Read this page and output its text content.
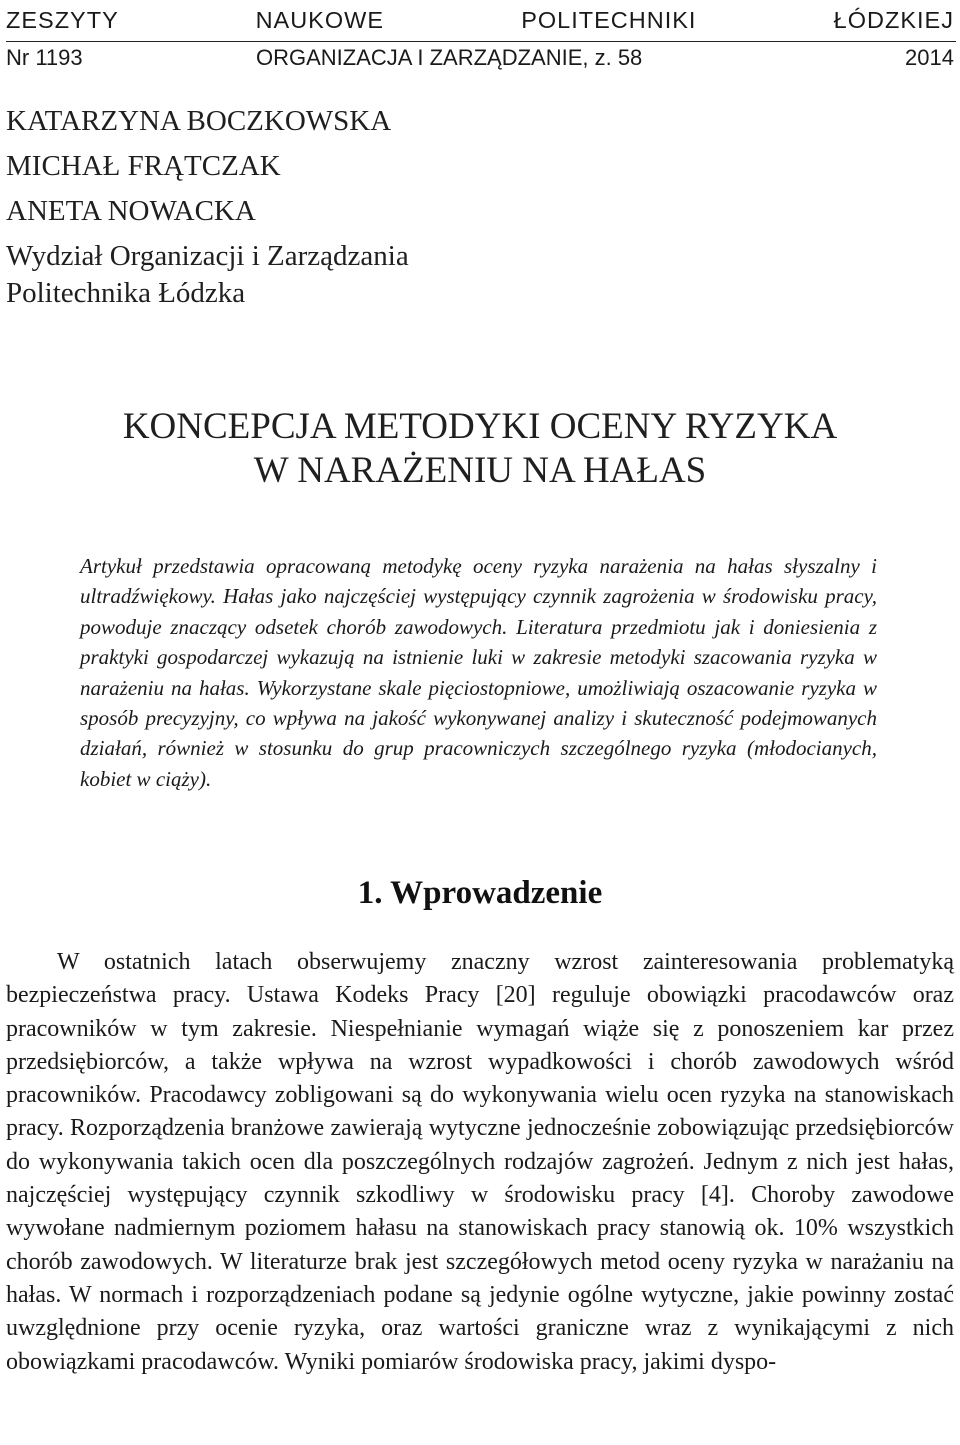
ZESZYTY NAUKOWE POLITECHNIKI ŁÓDZKIEJ
Nr 1193	ORGANIZACJA I ZARZĄDZANIE, z. 58	2014
KATARZYNA BOCZKOWSKA
MICHAŁ FRĄTCZAK
ANETA NOWACKA
Wydział Organizacji i Zarządzania
Politechnika Łódzka
KONCEPCJA METODYKI OCENY RYZYKA
W NARAŻENIU NA HAŁAS
Artykuł przedstawia opracowaną metodykę oceny ryzyka narażenia na hałas słyszalny i ultradźwiękowy. Hałas jako najczęściej występujący czynnik zagrożenia w środowisku pracy, powoduje znaczący odsetek chorób zawodowych. Literatura przedmiotu jak i doniesienia z praktyki gospodarczej wykazują na istnienie luki w zakresie metodyki szacowania ryzyka w narażeniu na hałas. Wykorzystane skale pięciostopniowe, umożliwiają oszacowanie ryzyka w sposób precyzyjny, co wpływa na jakość wykonywanej analizy i skuteczność podejmowanych działań, również w stosunku do grup pracowniczych szczególnego ryzyka (młodocianych, kobiet w ciąży).
1. Wprowadzenie
W ostatnich latach obserwujemy znaczny wzrost zainteresowania problematyką bezpieczeństwa pracy. Ustawa Kodeks Pracy [20] reguluje obowiązki pracodawców oraz pracowników w tym zakresie. Niespełnianie wymagań wiąże się z ponoszeniem kar przez przedsiębiorców, a także wpływa na wzrost wypadkowości i chorób zawodowych wśród pracowników. Pracodawcy zobligowani są do wykonywania wielu ocen ryzyka na stanowiskach pracy. Rozporządzenia branżowe zawierają wytyczne jednocześnie zobowiązując przedsiębiorców do wykonywania takich ocen dla poszczególnych rodzajów zagrożeń. Jednym z nich jest hałas, najczęściej występujący czynnik szkodliwy w środowisku pracy [4]. Choroby zawodowe wywołane nadmiernym poziomem hałasu na stanowiskach pracy stanowią ok. 10% wszystkich chorób zawodowych. W literaturze brak jest szczegółowych metod oceny ryzyka w narażaniu na hałas. W normach i rozporządzeniach podane są jedynie ogólne wytyczne, jakie powinny zostać uwzględnione przy ocenie ryzyka, oraz wartości graniczne wraz z wynikającymi z nich obowiązkami pracodawców. Wyniki pomiarów środowiska pracy, jakimi dyspo-
